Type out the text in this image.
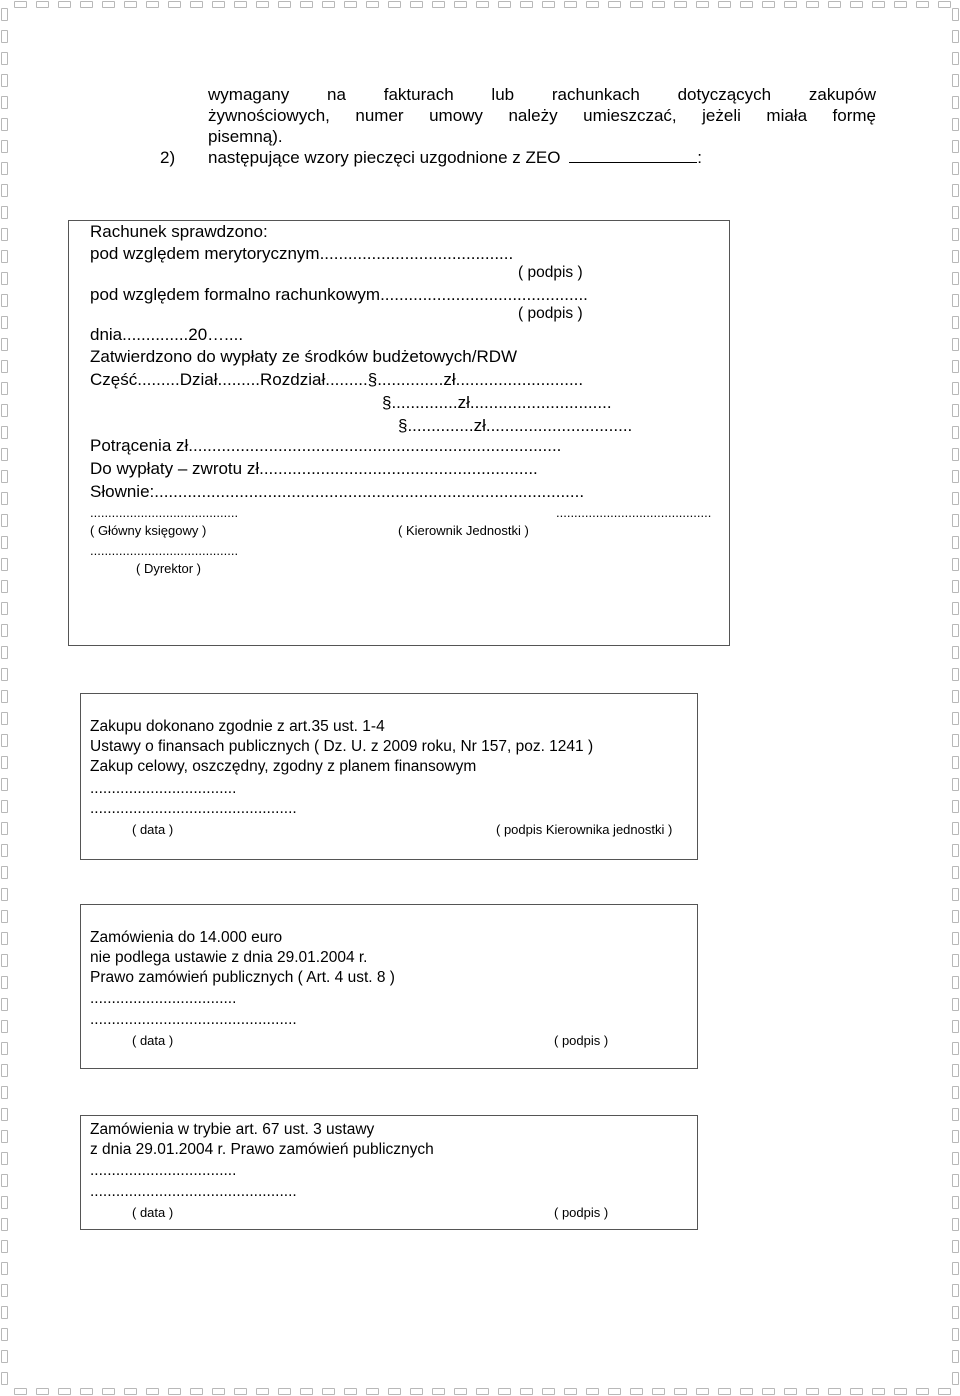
wymagany na fakturach lub rachunkach dotyczących zakupów
żywnościowych, numer umowy należy umieszczać, jeżeli miała formę
pisemną).
2)	następujące wzory pieczęci uzgodnione z ZEO	:
Rachunek sprawdzono:
pod względem merytorycznym.........................................
( podpis )
pod względem formalno rachunkowym............................................
( podpis )
dnia..............20…....
Zatwierdzono do wypłaty ze środków budżetowych/RDW
Część.........Dział.........Rozdział.........§..............zł...........................
§..............zł..............................
§..............zł...............................
Potrącenia zł...............................................................................
Do wypłaty – zwrotu zł...........................................................
Słownie:...........................................................................................
.........................................	...........................................
( Główny księgowy )	( Kierownik Jednostki )
.........................................
( Dyrektor )
Zakupu dokonano zgodnie z art.35 ust. 1-4
Ustawy o finansach publicznych ( Dz. U. z 2009 roku, Nr 157, poz. 1241 )
Zakup celowy, oszczędny, zgodny z planem finansowym
..................................
................................................
( data )	( podpis Kierownika jednostki )
Zamówienia do 14.000 euro
nie podlega ustawie z dnia 29.01.2004 r.
Prawo zamówień publicznych ( Art. 4 ust. 8 )
..................................
................................................
( data )	( podpis )
Zamówienia w trybie art. 67 ust. 3 ustawy
z dnia 29.01.2004 r. Prawo zamówień publicznych
..................................
................................................
( data )	( podpis )
